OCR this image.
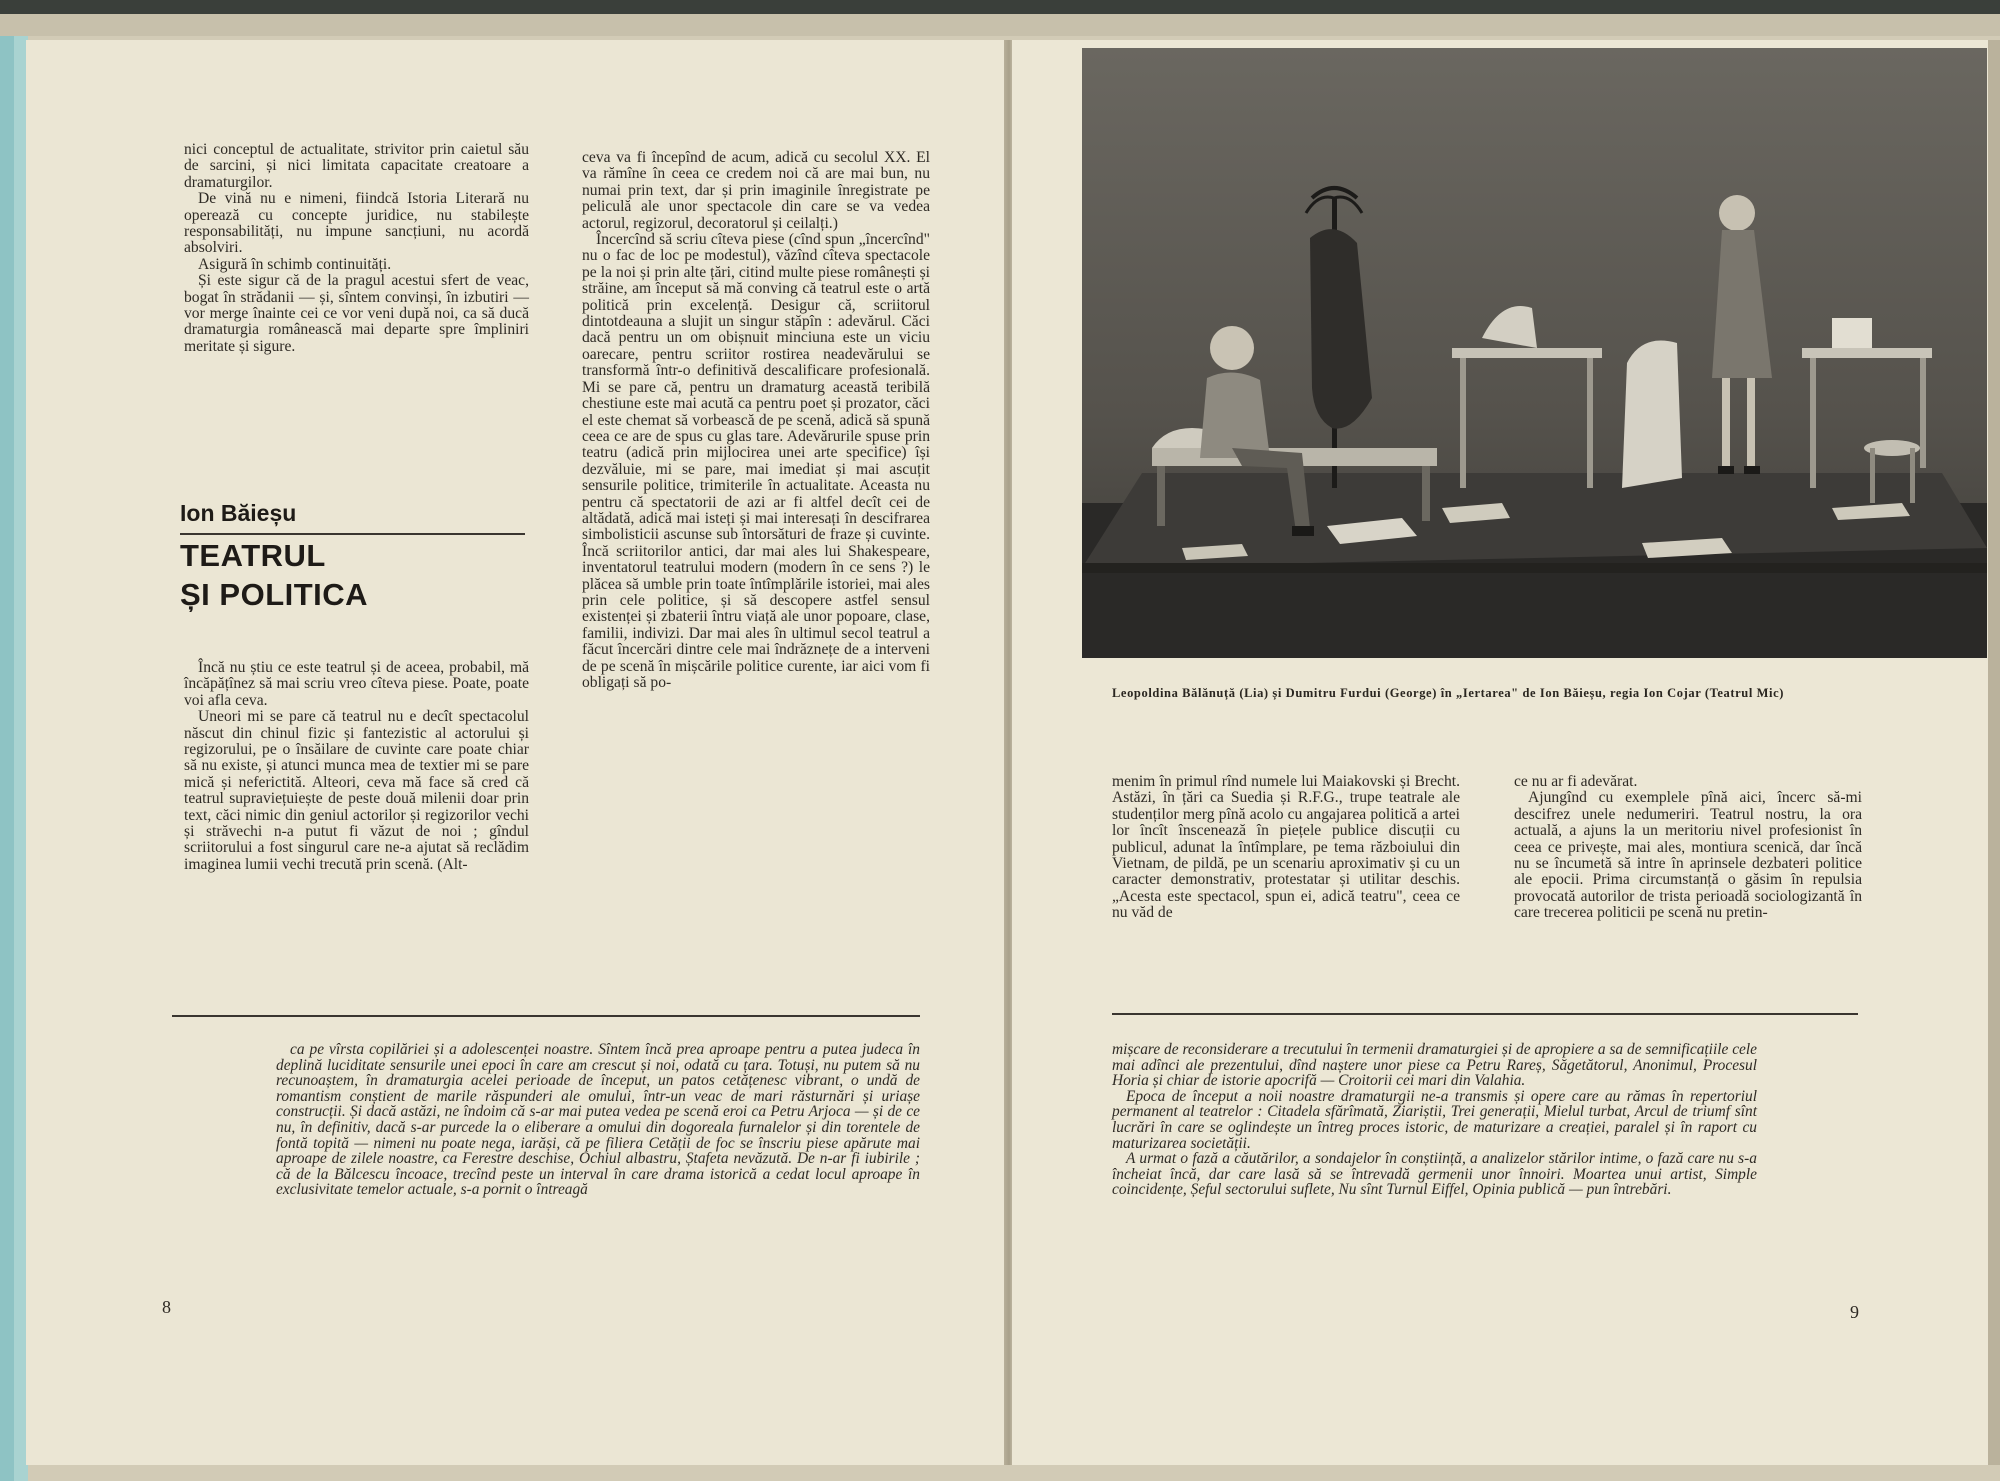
nici conceptul de actualitate, strivitor prin caietul său de sarcini, și nici limitata capacitate creatoare a dramaturgilor.

De vină nu e nimeni, fiindcă Istoria Literară nu operează cu concepte juridice, nu stabilește responsabilități, nu impune sancțiuni, nu acordă absolviri.

Asigură în schimb continuități.

Și este sigur că de la pragul acestui sfert de veac, bogat în strădanii — și, sîntem convinși, în izbutiri — vor merge înainte cei ce vor veni după noi, ca să ducă dramaturgia românească mai departe spre împliniri meritate și sigure.

Ion Băieșu
TEATRUL
ȘI POLITICA

Încă nu știu ce este teatrul și de aceea, probabil, mă încăpățînez să mai scriu vreo cîteva piese. Poate, poate voi afla ceva.

Uneori mi se pare că teatrul nu e decît spectacolul născut din chinul fizic și fantezistic al actorului și regizorului, pe o însăilare de cuvinte care poate chiar să nu existe, și atunci munca mea de textier mi se pare mică și neferictită. Alteori, ceva mă face să cred că teatrul supraviețuiește de peste două milenii doar prin text, căci nimic din geniul actorilor și regizorilor vechi și străvechi n-a putut fi văzut de noi ; gîndul scriitorului a fost singurul care ne-a ajutat să reclădim imaginea lumii vechi trecută prin scenă. (Alt-

ceva va fi începînd de acum, adică cu secolul XX. El va rămîne în ceea ce credem noi că are mai bun, nu numai prin text, dar și prin imaginile înregistrate pe peliculă ale unor spectacole din care se va vedea actorul, regizorul, decoratorul și ceilalți.)

Încercînd să scriu cîteva piese (cînd spun „încercînd" nu o fac de loc pe modestul), văzînd cîteva spectacole pe la noi și prin alte țări, citind multe piese românești și străine, am început să mă conving că teatrul este o artă politică prin excelență. Desigur că, scriitorul dintotdeauna a slujit un singur stăpîn : adevărul. Căci dacă pentru un om obișnuit minciuna este un viciu oarecare, pentru scriitor rostirea neadevărului se transformă într-o definitivă descalificare profesională. Mi se pare că, pentru un dramaturg această teribilă chestiune este mai acută ca pentru poet și prozator, căci el este chemat să vorbească de pe scenă, adică să spună ceea ce are de spus cu glas tare. Adevărurile spuse prin teatru (adică prin mijlocirea unei arte specifice) își dezvăluie, mi se pare, mai imediat și mai ascuțit sensurile politice, trimiterile în actualitate. Aceasta nu pentru că spectatorii de azi ar fi altfel decît cei de altădată, adică mai isteți și mai interesați în descifrarea simbolisticii ascunse sub întorsături de fraze și cuvinte. Încă scriitorilor antici, dar mai ales lui Shakespeare, inventatorul teatrului modern (modern în ce sens ?) le plăcea să umble prin toate întîmplările istoriei, mai ales prin cele politice, și să descopere astfel sensul existenței și zbaterii întru viață ale unor popoare, clase, familii, indivizi. Dar mai ales în ultimul secol teatrul a făcut încercări dintre cele mai îndrăznețe de a interveni de pe scenă în mișcările politice curente, iar aici vom fi obligați să po-

ca pe vîrsta copilăriei și a adolescenței noastre. Sîntem încă prea aproape pentru a putea judeca în deplină luciditate sensurile unei epoci în care am crescut și noi, odată cu țara. Totuși, nu putem să nu recunoaștem, în dramaturgia acelei perioade de început, un patos cetățenesc vibrant, o undă de romantism conștient de marile răspunderi ale omului, într-un veac de mari răsturnări și uriașe construcții. Și dacă astăzi, ne îndoim că s-ar mai putea vedea pe scenă eroi ca Petru Arjoca — și de ce nu, în definitiv, dacă s-ar purcede la o eliberare a omului din dogoreala furnalelor și din torentele de fontă topită — nimeni nu poate nega, iarăși, că pe filiera Cetății de foc se înscriu piese apărute mai aproape de zilele noastre, ca Ferestre deschise, Ochiul albastru, Ștafeta nevăzută. De n-ar fi iubirile ; că de la Bălcescu încoace, trecînd peste un interval în care drama istorică a cedat locul aproape în exclusivitate temelor actuale, s-a pornit o întreagă

8
Leopoldina Bălănuță (Lia) și Dumitru Furdui (George) în „Iertarea" de Ion Băieșu, regia Ion Cojar (Teatrul Mic)

menim în primul rînd numele lui Maiakovski și Brecht. Astăzi, în țări ca Suedia și R.F.G., trupe teatrale ale studenților merg pînă acolo cu angajarea politică a artei lor încît înscenează în piețele publice discuții cu publicul, adunat la întîmplare, pe tema războiului din Vietnam, de pildă, pe un scenariu aproximativ și cu un caracter demonstrativ, protestatar și utilitar deschis. „Acesta este spectacol, spun ei, adică teatru", ceea ce nu văd de

ce nu ar fi adevărat.

Ajungînd cu exemplele pînă aici, încerc să-mi descifrez unele nedumeriri. Teatrul nostru, la ora actuală, a ajuns la un meritoriu nivel profesionist în ceea ce privește, mai ales, montiura scenică, dar încă nu se încumetă să intre în aprinsele dezbateri politice ale epocii. Prima circumstanță o găsim în repulsia provocată autorilor de trista perioadă sociologizantă în care trecerea politicii pe scenă nu pretin-

mișcare de reconsiderare a trecutului în termenii dramaturgiei și de apropiere a sa de semnificațiile cele mai adînci ale prezentului, dînd naștere unor piese ca Petru Rareș, Săgetătorul, Anonimul, Procesul Horia și chiar de istorie apocrifă — Croitorii cei mari din Valahia.

Epoca de început a noii noastre dramaturgii ne-a transmis și opere care au rămas în repertoriul permanent al teatrelor : Citadela sfărîmată, Ziariștii, Trei generații, Mielul turbat, Arcul de triumf sînt lucrări în care se oglindește un întreg proces istoric, de maturizare a creației, paralel și în raport cu maturizarea societății.

A urmat o fază a căutărilor, a sondajelor în conștiință, a analizelor stărilor intime, o fază care nu s-a încheiat încă, dar care lasă să se întrevadă germenii unor înnoiri. Moartea unui artist, Simple coincidențe, Șeful sectorului suflete, Nu sînt Turnul Eiffel, Opinia publică — pun întrebări.

9
